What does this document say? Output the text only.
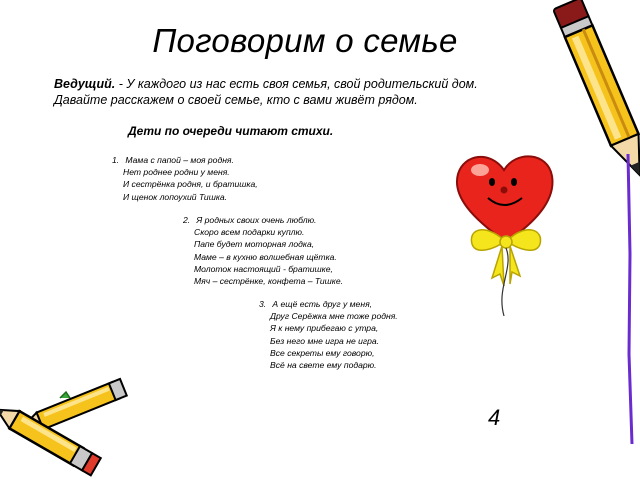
Поговорим о семье
Ведущий. - У каждого из нас есть своя семья, свой родительский дом. Давайте расскажем о своей семье, кто с вами живёт рядом.
Дети по очереди читают стихи.
1. Мама с папой – моя родня.
Нет роднее родни у меня.
И сестрёнка родня, и братишка,
И щенок лопоухий Тишка.
2. Я родных своих очень люблю.
Скоро всем подарки куплю.
Папе будет моторная лодка,
Маме – в кухню волшебная щётка.
Молоток настоящий - братишке,
Мяч – сестрёнке, конфета – Тишке.
3. А ещё есть друг у меня,
Друг Серёжка мне тоже родня.
Я к нему прибегаю с утра,
Без него мне игра не игра.
Все секреты ему говорю,
Всё на свете ему подарю.
4
